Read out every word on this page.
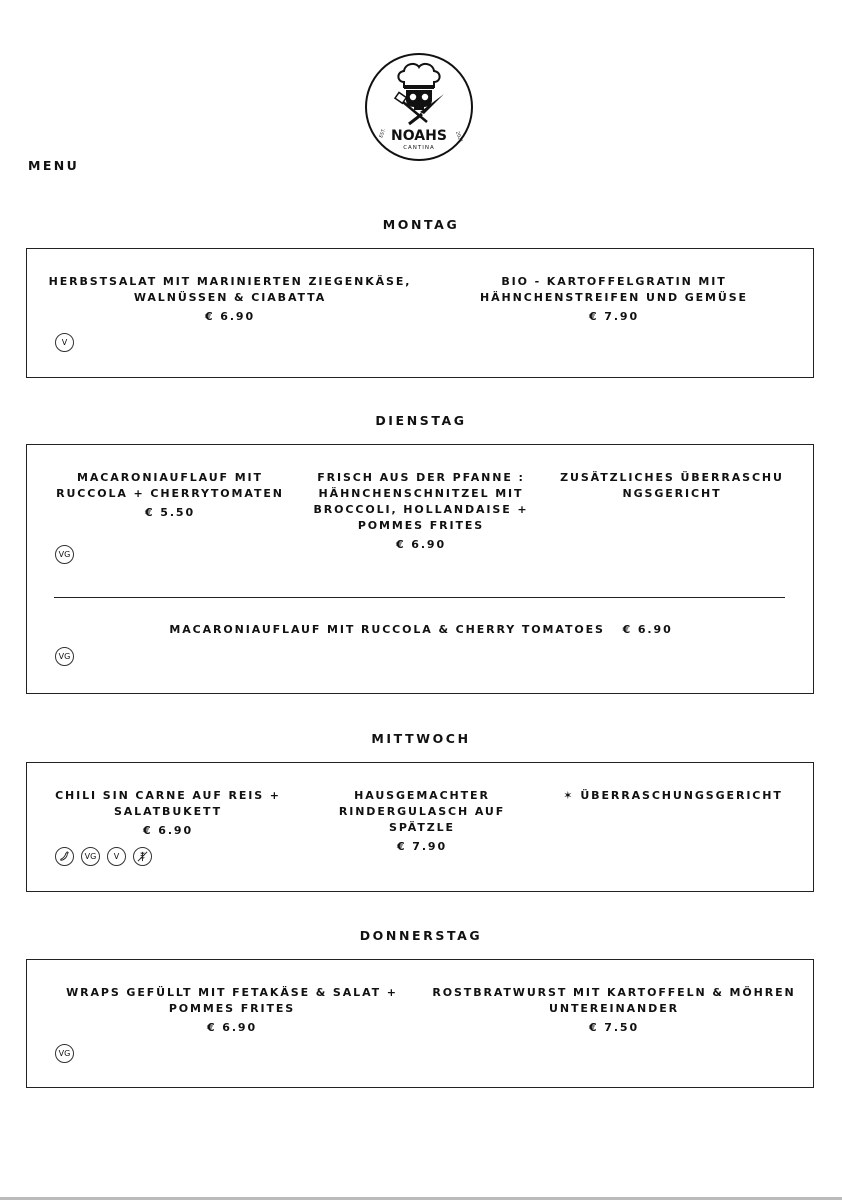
NOAHS
CANTINA
EST.	2021
MENU
MONTAG
HERBSTSALAT MIT MARINIERTEN ZIEGENKÄSE, WALNÜSSEN & CIABATTA
€ 6.90
V
BIO - KARTOFFELGRATIN MIT HÄHNCHENSTREIFEN UND GEMÜSE
€ 7.90
DIENSTAG
MACARONIAUFLAUF MIT RUCCOLA + CHERRYTOMATEN
€ 5.50
VG
FRISCH AUS DER PFANNE : HÄHNCHENSCHNITZEL MIT BROCCOLI, HOLLANDAISE + POMMES FRITES
€ 6.90
ZUSÄTZLICHES ÜBERRASCHUNGSGERICHT
MACARONIAUFLAUF MIT RUCCOLA & CHERRY TOMATOES € 6.90
VG
MITTWOCH
CHILI SIN CARNE AUF REIS + SALATBUKETT
€ 6.90
VG	V
HAUSGEMACHTER RINDERGULASCH AUF SPÄTZLE
€ 7.90
✶ ÜBERRASCHUNGSGERICHT
DONNERSTAG
WRAPS GEFÜLLT MIT FETAKÄSE & SALAT + POMMES FRITES
€ 6.90
VG
ROSTBRATWURST MIT KARTOFFELN & MÖHREN UNTEREINANDER
€ 7.50
